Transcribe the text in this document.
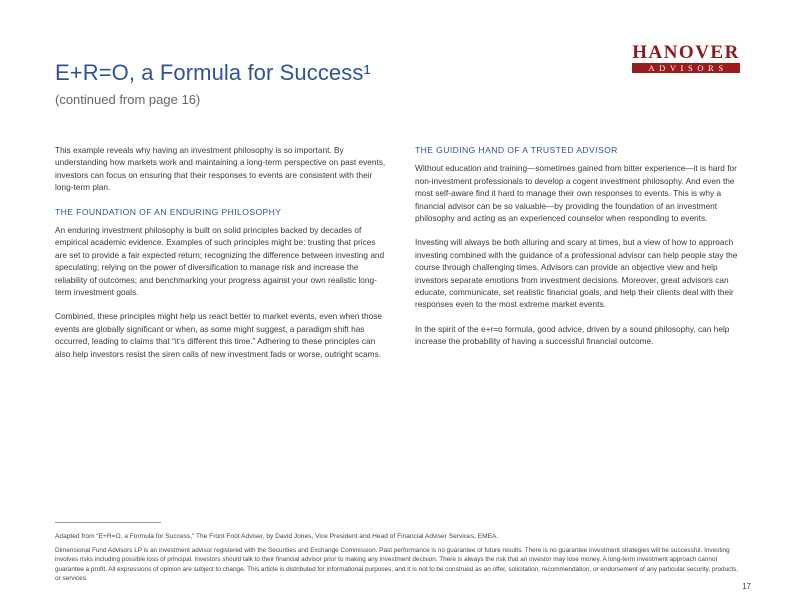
E+R=O, a Formula for Success¹
(continued from page 16)
HANOVER
ADVISORS

This example reveals why having an investment philosophy is so important. By understanding how markets work and maintaining a long-term perspective on past events, investors can focus on ensuring that their responses to events are consistent with their long-term plan.

THE FOUNDATION OF AN ENDURING PHILOSOPHY

An enduring investment philosophy is built on solid principles backed by decades of empirical academic evidence. Examples of such principles might be: trusting that prices are set to provide a fair expected return; recognizing the difference between investing and speculating; relying on the power of diversification to manage risk and increase the reliability of outcomes; and benchmarking your progress against your own realistic long-term investment goals.

Combined, these principles might help us react better to market events, even when those events are globally significant or when, as some might suggest, a paradigm shift has occurred, leading to claims that “it’s different this time.” Adhering to these principles can also help investors resist the siren calls of new investment fads or worse, outright scams.

THE GUIDING HAND OF A TRUSTED ADVISOR

Without education and training—sometimes gained from bitter experience—it is hard for non-investment professionals to develop a cogent investment philosophy. And even the most self-aware find it hard to manage their own responses to events. This is why a financial advisor can be so valuable—by providing the foundation of an investment philosophy and acting as an experienced counselor when responding to events.

Investing will always be both alluring and scary at times, but a view of how to approach investing combined with the guidance of a professional advisor can help people stay the course through challenging times. Advisors can provide an objective view and help investors separate emotions from investment decisions. Moreover, great advisors can educate, communicate, set realistic financial goals, and help their clients deal with their responses even to the most extreme market events.

In the spirit of the e+r=o formula, good advice, driven by a sound philosophy, can help increase the probability of having a successful financial outcome.

Adapted from “E+R=O, a Formula for Success,” The Front Foot Adviser, by David Jones, Vice President and Head of Financial Adviser Services, EMEA.
Dimensional Fund Advisors LP is an investment advisor registered with the Securities and Exchange Commission. Past performance is no guarantee of future results. There is no guarantee investment strategies will be successful. Investing involves risks including possible loss of principal. Investors should talk to their financial advisor prior to making any investment decision. There is always the risk that an investor may lose money. A long-term investment approach cannot guarantee a profit. All expressions of opinion are subject to change. This article is distributed for informational purposes, and it is not to be construed as an offer, solicitation, recommendation, or endorsement of any particular security, products, or services.
17
